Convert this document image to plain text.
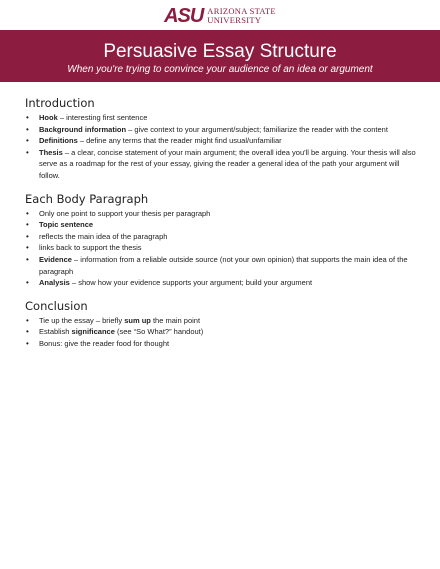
ASU ARIZONA STATE
UNIVERSITY
Persuasive Essay Structure
When you're trying to convince your audience of an idea or argument
Introduction
• Hook – interesting first sentence
• Background information – give context to your argument/subject; familiarize the reader with the content
• Definitions – define any terms that the reader might find usual/unfamiliar
• Thesis – a clear, concise statement of your main argument; the overall idea you'll be arguing. Your thesis will also serve as a roadmap for the rest of your essay, giving the reader a general idea of the path your argument will follow.
Each Body Paragraph
• Only one point to support your thesis per paragraph
• Topic sentence
• reflects the main idea of the paragraph
• links back to support the thesis
• Evidence – information from a reliable outside source (not your own opinion) that supports the main idea of the paragraph
• Analysis – show how your evidence supports your argument; build your argument
Conclusion
• Tie up the essay – briefly sum up the main point
• Establish significance (see “So What?” handout)
• Bonus: give the reader food for thought
